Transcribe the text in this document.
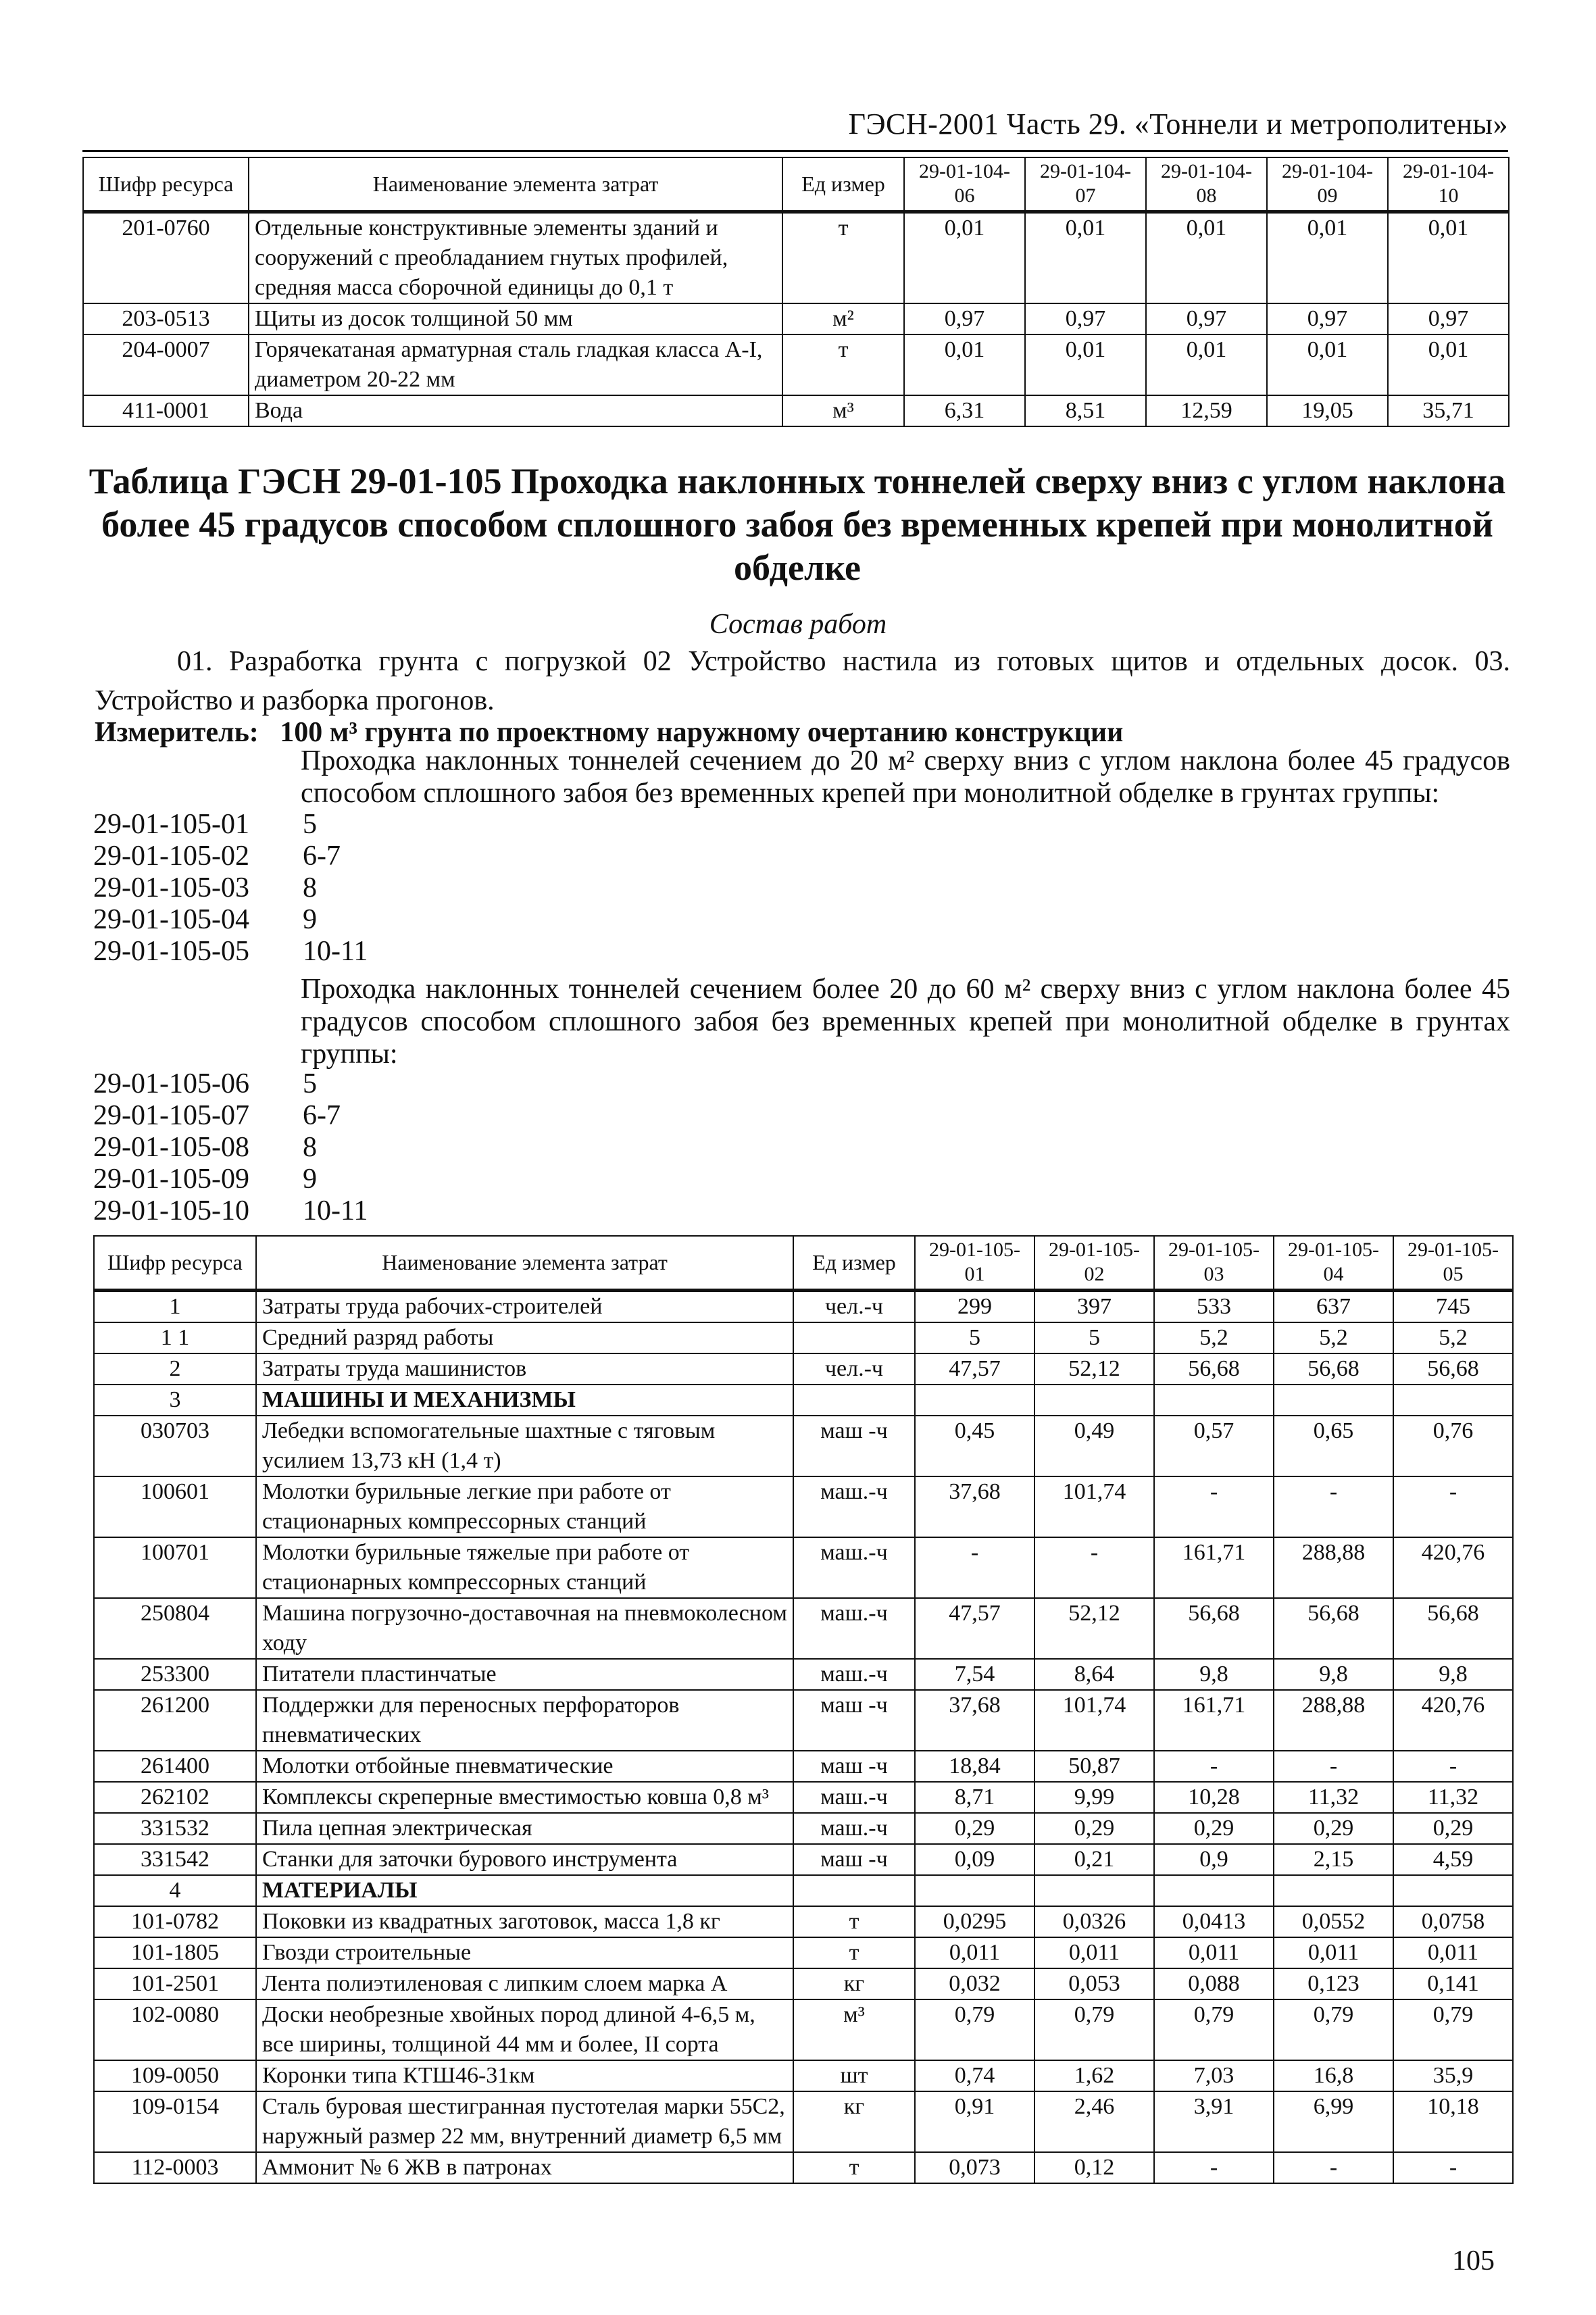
ГЭСН-2001 Часть 29. «Тоннели и метрополитены»
Шифр ресурса	Наименование элемента затрат	Ед измер	29-01-104-06	29-01-104-07	29-01-104-08	29-01-104-09	29-01-104-10
201-0760	Отдельные конструктивные элементы зданий и сооружений с преобладанием гнутых профилей, средняя масса сборочной единицы до 0,1 т	т	0,01	0,01	0,01	0,01	0,01
203-0513	Щиты из досок толщиной 50 мм	м²	0,97	0,97	0,97	0,97	0,97
204-0007	Горячекатаная арматурная сталь гладкая класса А-I, диаметром 20-22 мм	т	0,01	0,01	0,01	0,01	0,01
411-0001	Вода	м³	6,31	8,51	12,59	19,05	35,71
Таблица ГЭСН 29-01-105 Проходка наклонных тоннелей сверху вниз с углом наклона более 45 градусов способом сплошного забоя без временных крепей при монолитной обделке
Состав работ
01. Разработка грунта с погрузкой 02 Устройство настила из готовых щитов и отдельных досок. 03. Устройство и разборка прогонов.
Измеритель: 100 м³ грунта по проектному наружному очертанию конструкции
Проходка наклонных тоннелей сечением до 20 м² сверху вниз с углом наклона более 45 градусов способом сплошного забоя без временных крепей при монолитной обделке в грунтах группы:
29-01-105-01 5
29-01-105-02 6-7
29-01-105-03 8
29-01-105-04 9
29-01-105-05 10-11
Проходка наклонных тоннелей сечением более 20 до 60 м² сверху вниз с углом наклона более 45 градусов способом сплошного забоя без временных крепей при монолитной обделке в грунтах группы:
29-01-105-06 5
29-01-105-07 6-7
29-01-105-08 8
29-01-105-09 9
29-01-105-10 10-11
Шифр ресурса	Наименование элемента затрат	Ед измер	29-01-105-01	29-01-105-02	29-01-105-03	29-01-105-04	29-01-105-05
1	Затраты труда рабочих-строителей	чел.-ч	299	397	533	637	745
1 1	Средний разряд работы		5	5	5,2	5,2	5,2
2	Затраты труда машинистов	чел.-ч	47,57	52,12	56,68	56,68	56,68
3	МАШИНЫ И МЕХАНИЗМЫ						
030703	Лебедки вспомогательные шахтные с тяговым усилием 13,73 кН (1,4 т)	маш -ч	0,45	0,49	0,57	0,65	0,76
100601	Молотки бурильные легкие при работе от стационарных компрессорных станций	маш.-ч	37,68	101,74	-	-	-
100701	Молотки бурильные тяжелые при работе от стационарных компрессорных станций	маш.-ч	-	-	161,71	288,88	420,76
250804	Машина погрузочно-доставочная на пневмоколесном ходу	маш.-ч	47,57	52,12	56,68	56,68	56,68
253300	Питатели пластинчатые	маш.-ч	7,54	8,64	9,8	9,8	9,8
261200	Поддержки для переносных перфораторов пневматических	маш -ч	37,68	101,74	161,71	288,88	420,76
261400	Молотки отбойные пневматические	маш -ч	18,84	50,87	-	-	-
262102	Комплексы скреперные вместимостью ковша 0,8 м³	маш.-ч	8,71	9,99	10,28	11,32	11,32
331532	Пила цепная электрическая	маш.-ч	0,29	0,29	0,29	0,29	0,29
331542	Станки для заточки бурового инструмента	маш -ч	0,09	0,21	0,9	2,15	4,59
4	МАТЕРИАЛЫ						
101-0782	Поковки из квадратных заготовок, масса 1,8 кг	т	0,0295	0,0326	0,0413	0,0552	0,0758
101-1805	Гвозди строительные	т	0,011	0,011	0,011	0,011	0,011
101-2501	Лента полиэтиленовая с липким слоем марка А	кг	0,032	0,053	0,088	0,123	0,141
102-0080	Доски необрезные хвойных пород длиной 4-6,5 м, все ширины, толщиной 44 мм и более, II сорта	м³	0,79	0,79	0,79	0,79	0,79
109-0050	Коронки типа КТШ46-31км	шт	0,74	1,62	7,03	16,8	35,9
109-0154	Сталь буровая шестигранная пустотелая марки 55С2, наружный размер 22 мм, внутренний диаметр 6,5 мм	кг	0,91	2,46	3,91	6,99	10,18
112-0003	Аммонит № 6 ЖВ в патронах	т	0,073	0,12	-	-	-
105
